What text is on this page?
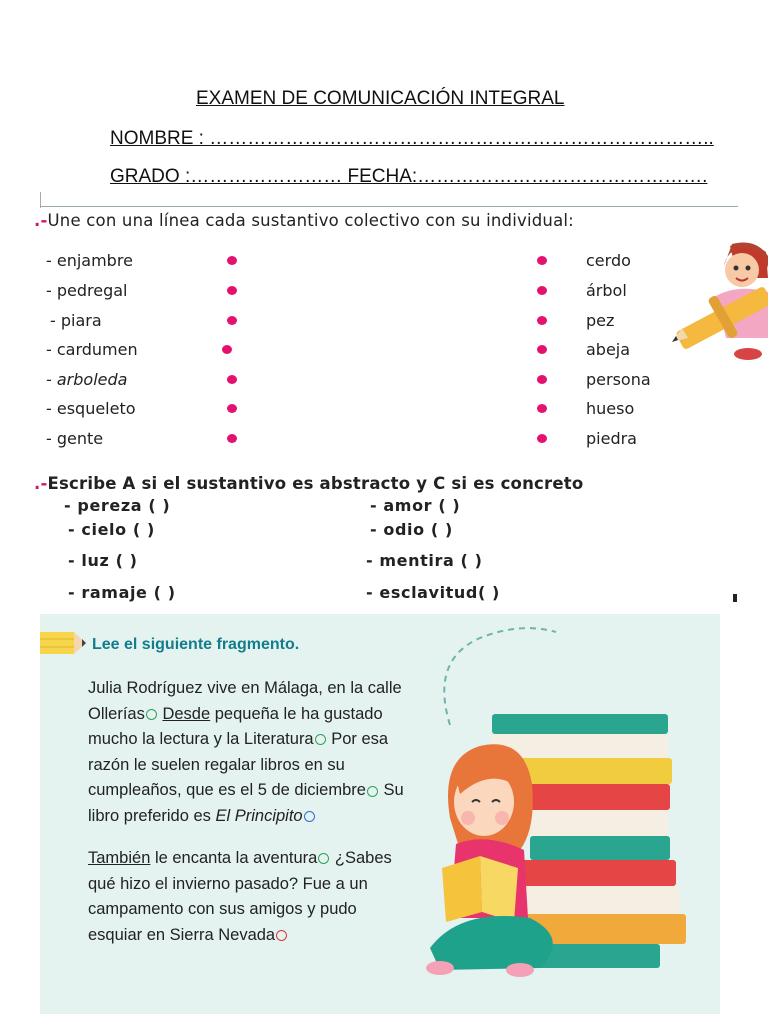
EXAMEN DE COMUNICACIÓN INTEGRAL
NOMBRE : ……………………………………………………………………..
GRADO :…………………… FECHA:……………………………………….
.-Une con una línea cada sustantivo colectivo con su individual:
- enjambre
- pedregal
- piara
- cardumen
- arboleda
- esqueleto
- gente
cerdo
árbol
pez
abeja
persona
hueso
piedra
.-Escribe A si el sustantivo es abstracto y C si es concreto
- pereza ( )	- amor ( )
- cielo ( )	- odio ( )
- luz ( )	- mentira ( )
- ramaje ( )	- esclavitud( )
Lee el siguiente fragmento.
Julia Rodríguez vive en Málaga, en la calle
Ollerías Desde pequeña le ha gustado
mucho la lectura y la Literatura Por esa
razón le suelen regalar libros en su
cumpleaños, que es el 5 de diciembre Su
libro preferido es El Principito
También le encanta la aventura ¿Sabes
qué hizo el invierno pasado? Fue a un
campamento con sus amigos y pudo
esquiar en Sierra Nevada
